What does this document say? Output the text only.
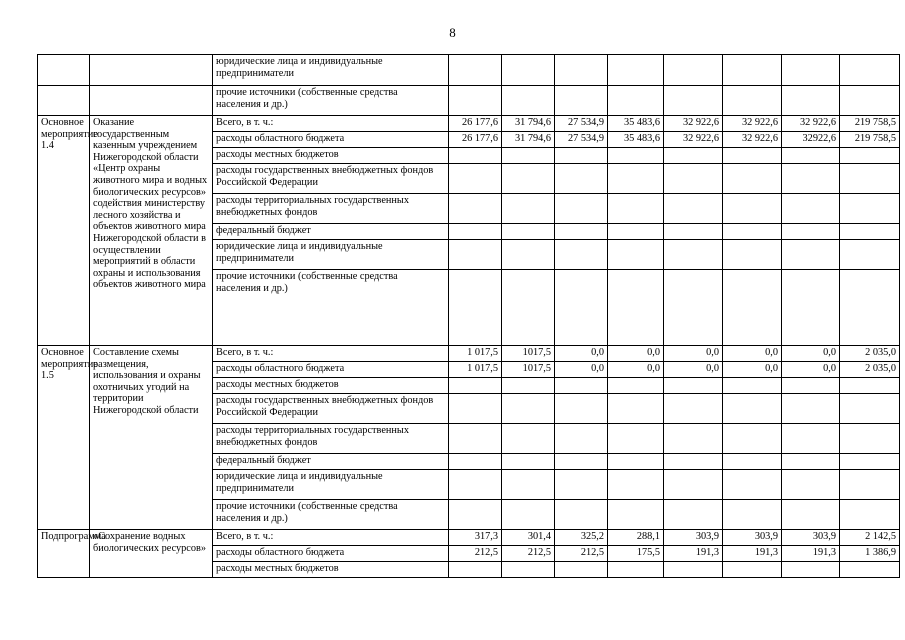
8
		юридические лица и индивидуальные предприниматели								
		прочие источники (собственные средства населения и др.)								
Основное мероприятие 1.4	Оказание государственным казенным учреждением Нижегородской области «Центр охраны животного мира и водных биологических ресурсов» содействия министерству лесного хозяйства и объектов животного мира Нижегородской области в осуществлении мероприятий в области охраны и использования объектов животного мира	Всего, в т. ч.:	26 177,6	31 794,6	27 534,9	35 483,6	32 922,6	32 922,6	32 922,6	219 758,5
		расходы областного бюджета	26 177,6	31 794,6	27 534,9	35 483,6	32 922,6	32 922,6	32922,6	219 758,5
		расходы местных бюджетов								
		расходы государственных внебюджетных фондов Российской Федерации								
		расходы территориальных государственных внебюджетных фондов								
		федеральный бюджет								
		юридические лица и индивидуальные предприниматели								
		прочие источники (собственные средства населения и др.)								
Основное мероприятие 1.5	Составление схемы размещения, использования и охраны охотничьих угодий на территории Нижегородской области	Всего, в т. ч.:	1 017,5	1017,5	0,0	0,0	0,0	0,0	0,0	2 035,0
		расходы областного бюджета	1 017,5	1017,5	0,0	0,0	0,0	0,0	0,0	2 035,0
		расходы местных бюджетов								
		расходы государственных внебюджетных фондов Российской Федерации								
		расходы территориальных государственных внебюджетных фондов								
		федеральный бюджет								
		юридические лица и индивидуальные предприниматели								
		прочие источники (собственные средства населения и др.)								
Подпрограмма	«Сохранение водных биологических ресурсов»	Всего, в т. ч.:	317,3	301,4	325,2	288,1	303,9	303,9	303,9	2 142,5
		расходы областного бюджета	212,5	212,5	212,5	175,5	191,3	191,3	191,3	1 386,9
		расходы местных бюджетов								
